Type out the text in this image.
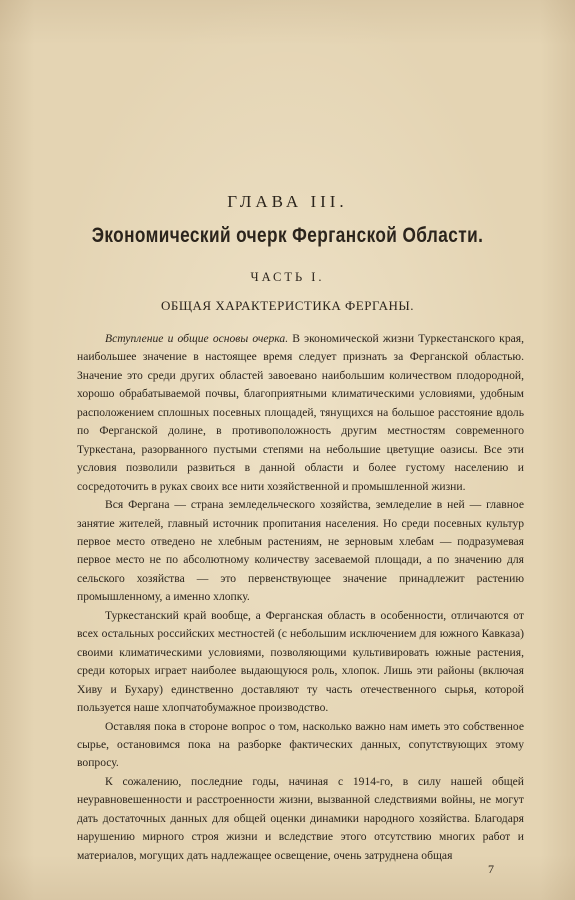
ГЛАВА III.
Экономический очерк Ферганской Области.
ЧАСТЬ I.
ОБЩАЯ ХАРАКТЕРИСТИКА ФЕРГАНЫ.

Вступление и общие основы очерка. В экономической жизни Туркестанского края, наибольшее значение в настоящее время следует признать за Ферганской областью. Значение это среди других областей завоевано наибольшим количеством плодородной, хорошо обрабатываемой почвы, благоприятными климатическими условиями, удобным расположением сплошных посевных площадей, тянущихся на большое расстояние вдоль по Ферганской долине, в противоположность другим местностям современного Туркестана, разорванного пустыми степями на небольшие цветущие оазисы. Все эти условия позволили развиться в данной области и более густому населению и сосредоточить в руках своих все нити хозяйственной и промышленной жизни.

Вся Фергана — страна земледельческого хозяйства, земледелие в ней — главное занятие жителей, главный источник пропитания населения. Но среди посевных культур первое место отведено не хлебным растениям, не зерновым хлебам — подразумевая первое место не по абсолютному количеству засеваемой площади, а по значению для сельского хозяйства — это первенствующее значение принадлежит растению промышленному, а именно хлопку.

Туркестанский край вообще, а Ферганская область в особенности, отличаются от всех остальных российских местностей (с небольшим исключением для южного Кавказа) своими климатическими условиями, позволяющими культивировать южные растения, среди которых играет наиболее выдающуюся роль, хлопок. Лишь эти районы (включая Хиву и Бухару) единственно доставляют ту часть отечественного сырья, которой пользуется наше хлопчатобумажное производство.

Оставляя пока в стороне вопрос о том, насколько важно нам иметь это собственное сырье, остановимся пока на разборке фактических данных, сопутствующих этому вопросу.

К сожалению, последние годы, начиная с 1914-го, в силу нашей общей неуравновешенности и расстроенности жизни, вызванной следствиями войны, не могут дать достаточных данных для общей оценки динамики народного хозяйства. Благодаря нарушению мирного строя жизни и вследствие этого отсутствию многих работ и материалов, могущих дать надлежащее освещение, очень затруднена общая

7
